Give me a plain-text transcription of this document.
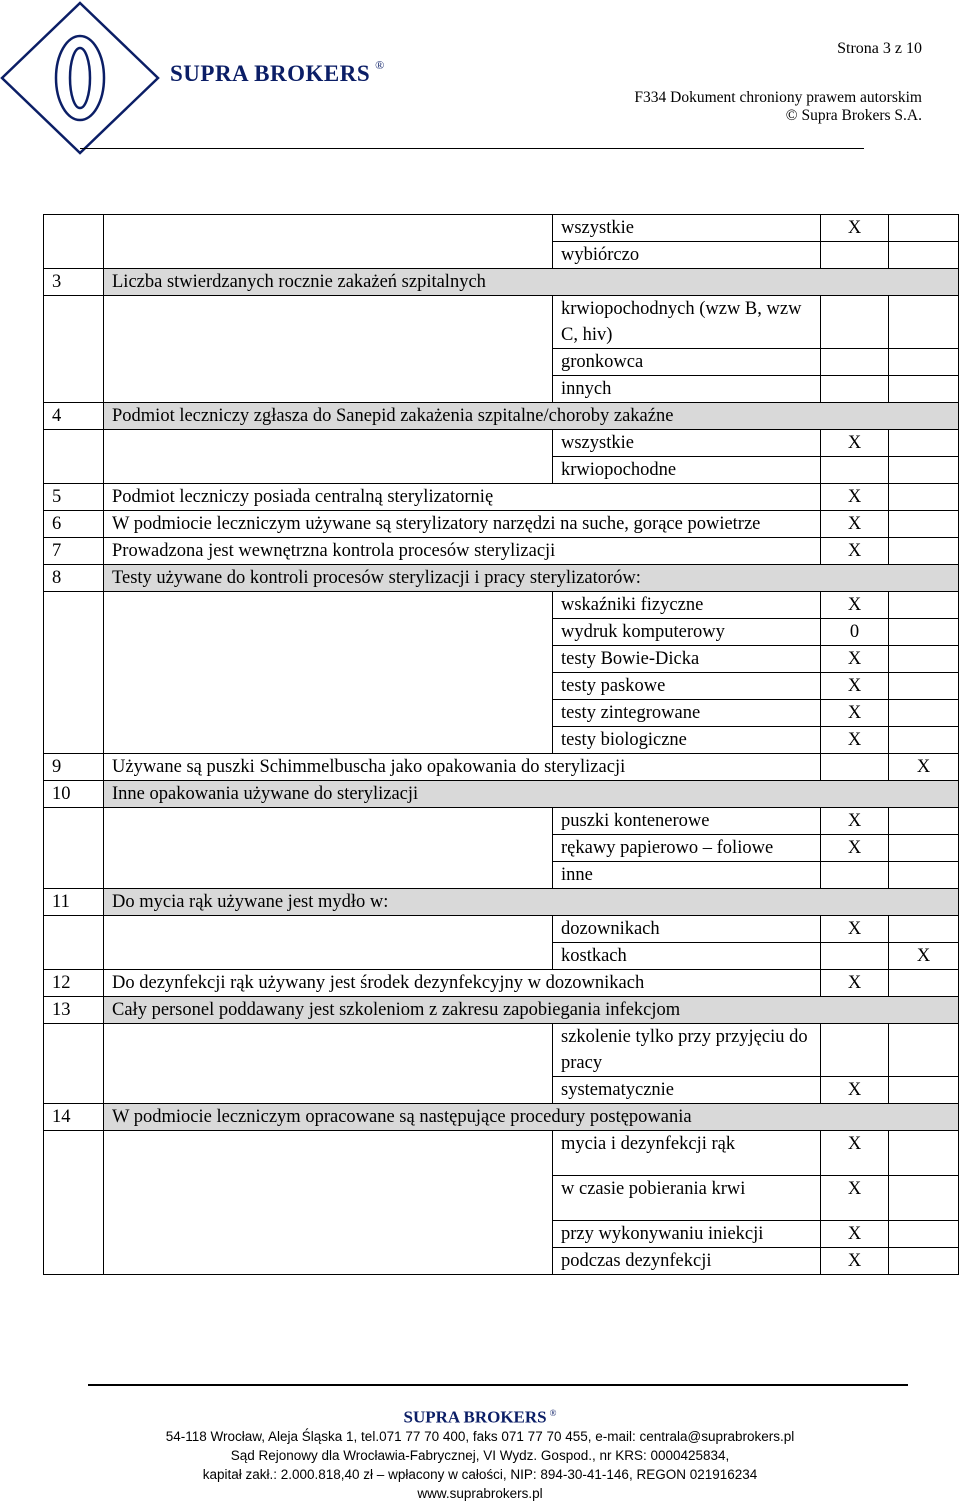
SUPRA BROKERS ®
Strona 3 z 10
F334 Dokument chroniony prawem autorskim
© Supra Brokers S.A.
		wszystkie	X	
		wybiórczo		
3	Liczba stwierdzanych rocznie zakażeń szpitalnych			
		krwiopochodnych (wzw B, wzw C, hiv)		
		gronkowca		
		innych		
4	Podmiot leczniczy zgłasza do Sanepid zakażenia szpitalne/choroby zakaźne			
		wszystkie	X	
		krwiopochodne		
5	Podmiot leczniczy posiada centralną sterylizatornię		X	
6	W podmiocie leczniczym używane są sterylizatory narzędzi na suche, gorące powietrze		X	
7	Prowadzona jest wewnętrzna kontrola procesów sterylizacji		X	
8	Testy używane do kontroli procesów sterylizacji i pracy sterylizatorów:			
		wskaźniki fizyczne	X	
		wydruk komputerowy	0	
		testy Bowie-Dicka	X	
		testy paskowe	X	
		testy zintegrowane	X	
		testy biologiczne	X	
9	Używane są puszki Schimmelbuscha jako opakowania do sterylizacji			X
10	Inne opakowania używane do sterylizacji			
		puszki kontenerowe	X	
		rękawy papierowo – foliowe	X	
		inne		
11	Do mycia rąk używane jest mydło w:			
		dozownikach	X	
		kostkach		X
12	Do dezynfekcji rąk używany jest środek dezynfekcyjny w dozownikach		X	
13	Cały personel poddawany jest szkoleniom z zakresu zapobiegania infekcjom			
		szkolenie tylko przy przyjęciu do pracy		
		systematycznie	X	
14	W podmiocie leczniczym opracowane są następujące procedury postępowania			
		mycia i dezynfekcji rąk	X	
		w czasie pobierania krwi	X	
		przy wykonywaniu iniekcji	X	
		podczas dezynfekcji	X	
SUPRA BROKERS ®
54-118 Wrocław, Aleja Śląska 1, tel.071 77 70 400, faks 071 77 70 455, e-mail: centrala@suprabrokers.pl
Sąd Rejonowy dla Wrocławia-Fabrycznej, VI Wydz. Gospod., nr KRS: 0000425834,
kapitał zakł.: 2.000.818,40 zł – wpłacony w całości, NIP: 894-30-41-146, REGON 021916234
www.suprabrokers.pl
